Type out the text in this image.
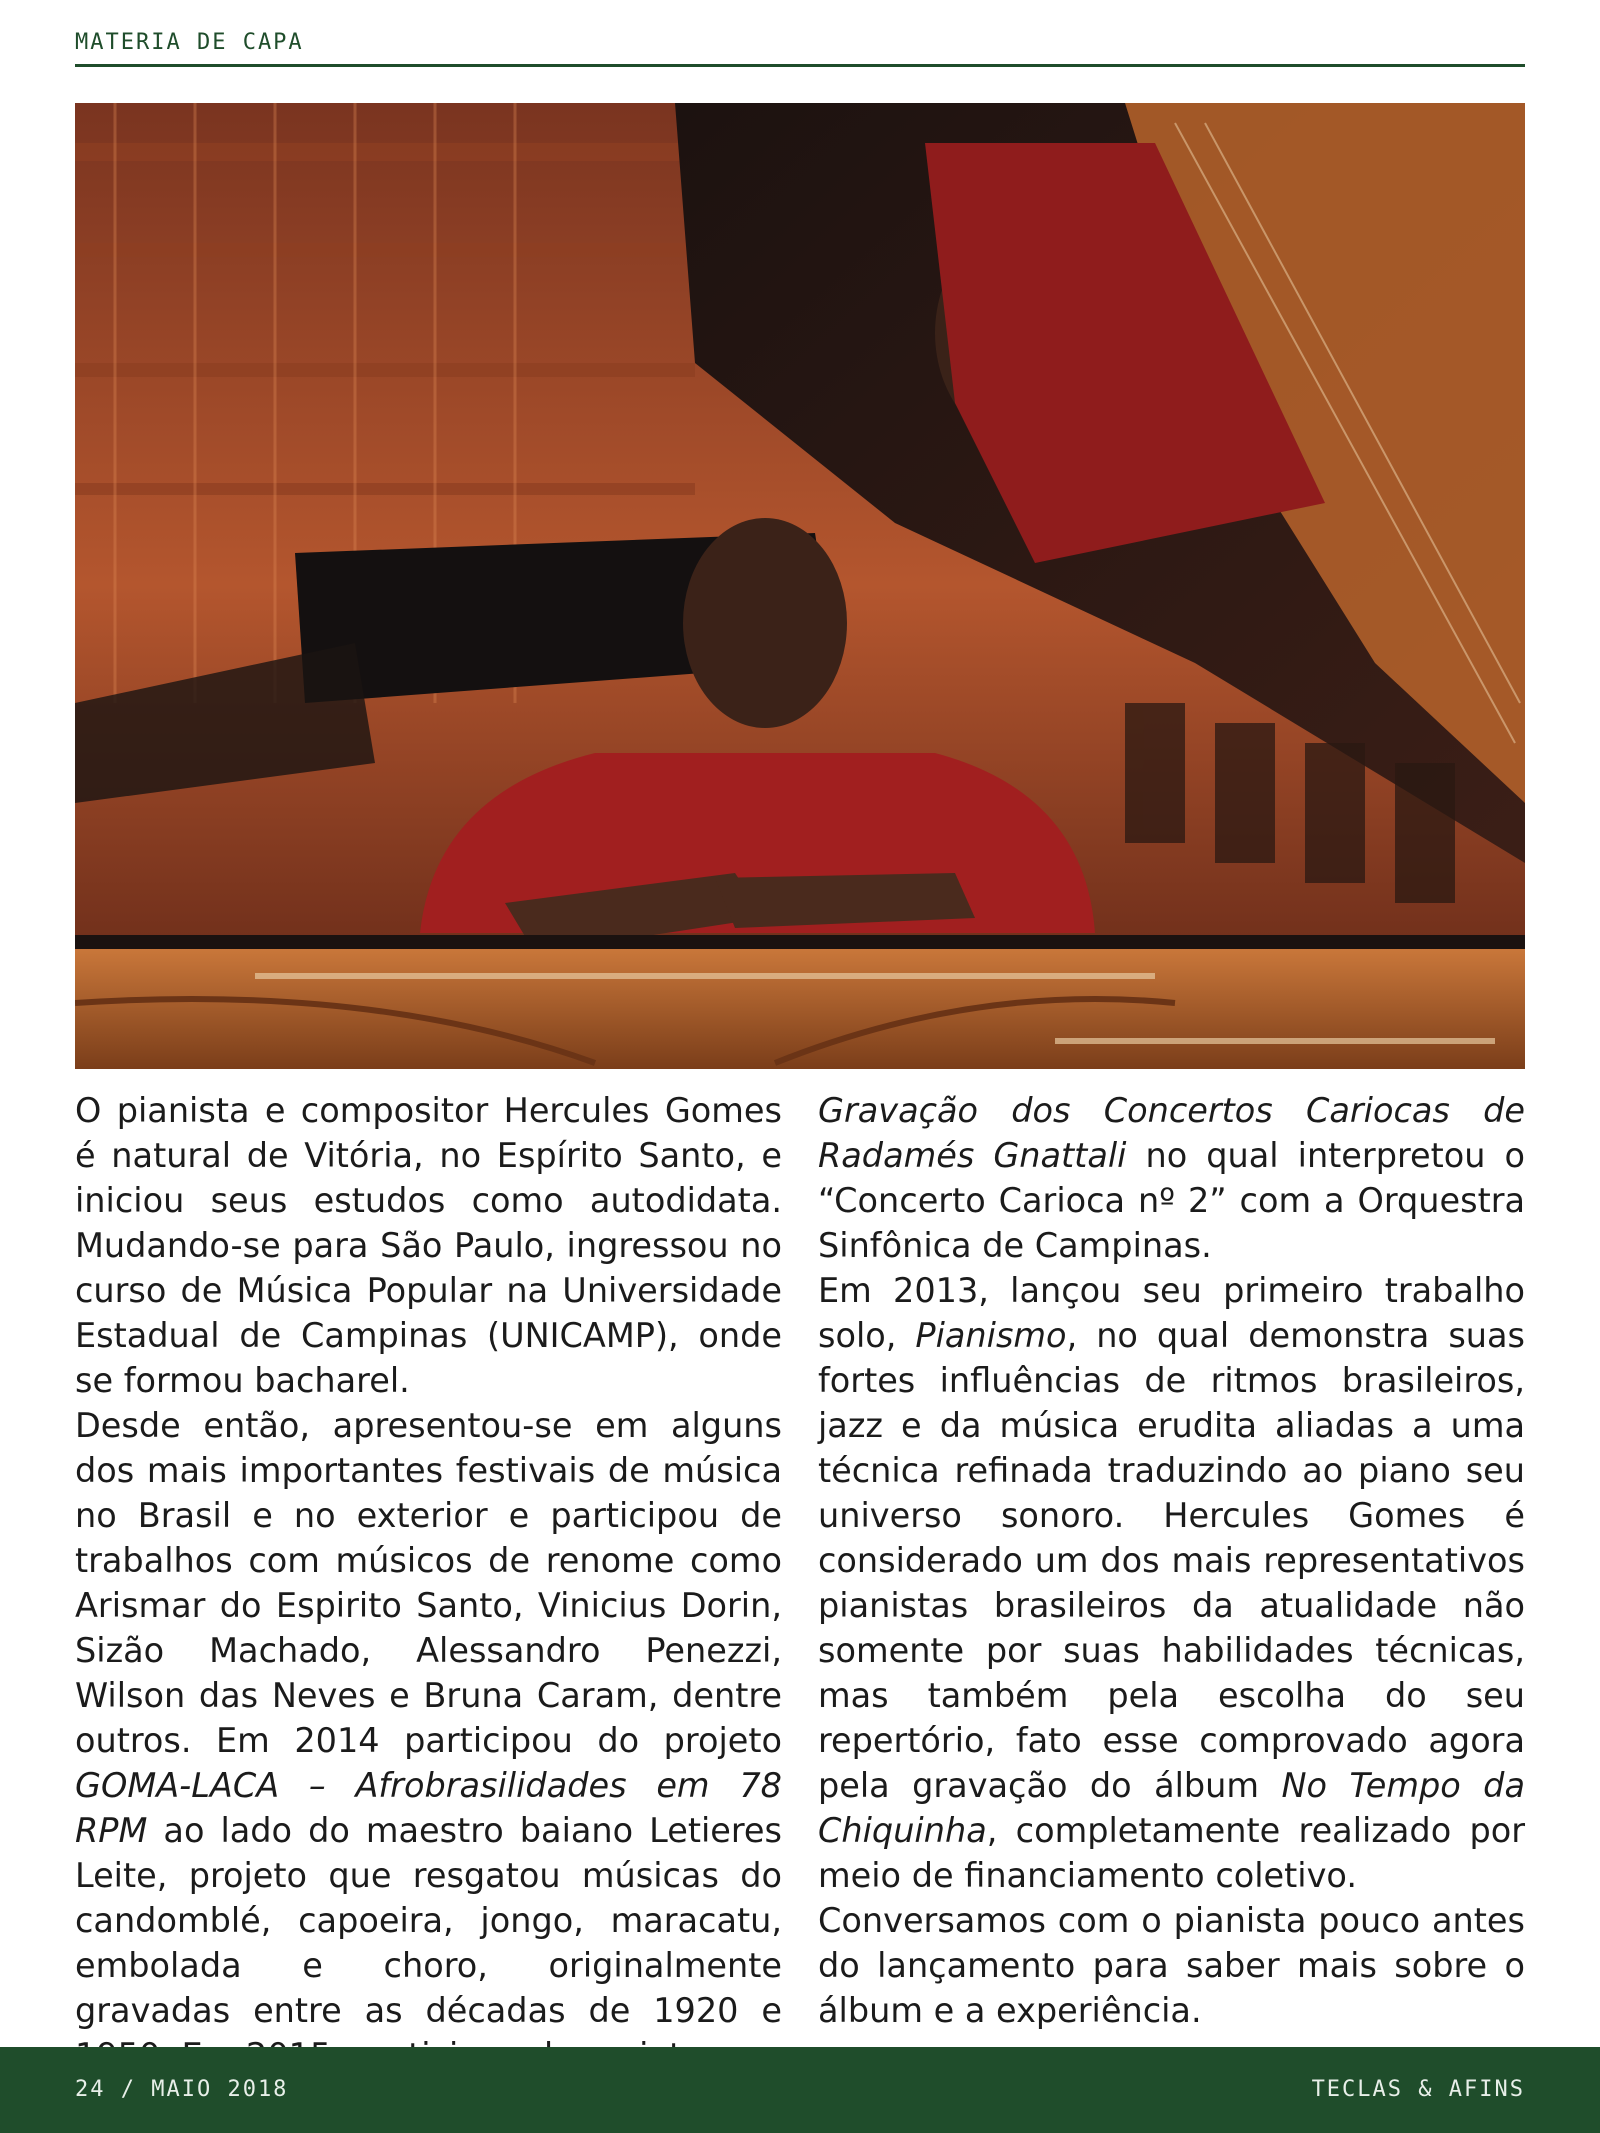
MATERIA DE CAPA

O pianista e compositor Hercules Gomes é natural de Vitória, no Espírito Santo, e iniciou seus estudos como autodidata. Mudando-se para São Paulo, ingressou no curso de Música Popular na Universidade Estadual de Campinas (UNICAMP), onde se formou bacharel.

Desde então, apresentou-se em alguns dos mais importantes festivais de música no Brasil e no exterior e participou de trabalhos com músicos de renome como Arismar do Espirito Santo, Vinicius Dorin, Sizão Machado, Alessandro Penezzi, Wilson das Neves e Bruna Caram, dentre outros. Em 2014 participou do projeto GOMA-LACA – Afrobrasilidades em 78 RPM ao lado do maestro baiano Letieres Leite, projeto que resgatou músicas do candomblé, capoeira, jongo, maracatu, embolada e choro, originalmente gravadas entre as décadas de 1920 e

Gravação dos Concertos Cariocas de Radamés Gnattali no qual interpretou o “Concerto Carioca nº 2” com a Orquestra Sinfônica de Campinas.

Em 2013, lançou seu primeiro trabalho solo, Pianismo, no qual demonstra suas fortes influências de ritmos brasileiros, jazz e da música erudita aliadas a uma técnica refinada traduzindo ao piano seu universo sonoro. Hercules Gomes é considerado um dos mais representativos pianistas brasileiros da atualidade não somente por suas habilidades técnicas, mas também pela escolha do seu repertório, fato esse comprovado agora pela gravação do álbum No Tempo da Chiquinha, completamente realizado por meio de financiamento coletivo.

Conversamos com o pianista pouco antes do lançamento para saber mais sobre o álbum e a experiência.

24 / MAIO 2018	TECLAS & AFINS
